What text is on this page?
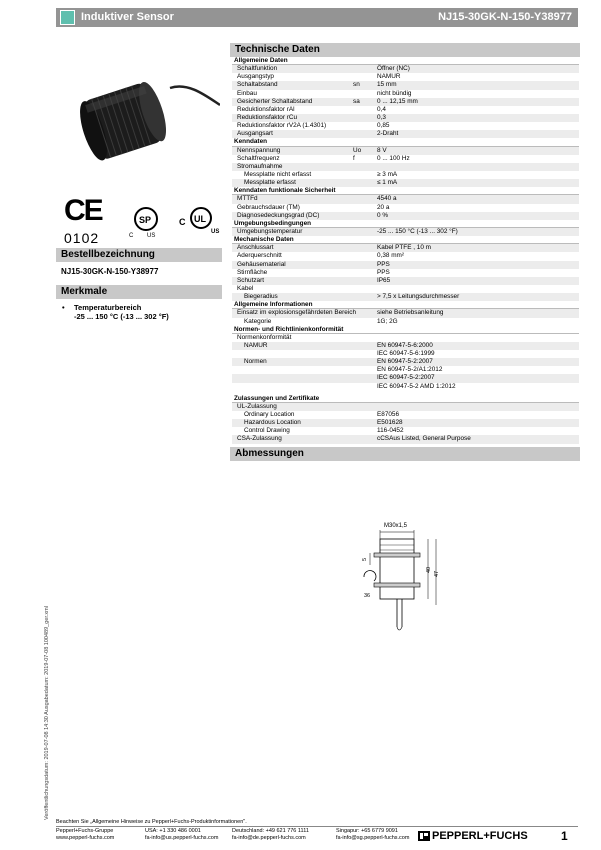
Induktiver Sensor	NJ15-30GK-N-150-Y38977
CE
0102
SP
C US
UL
C
US
Bestellbezeichnung
NJ15-30GK-N-150-Y38977
Merkmale
• Temperaturbereich
-25 ... 150 °C (-13 ... 302 °F)
Technische Daten
Allgemeine Daten
Schaltfunktion	Öffner (NC)
Ausgangstyp	NAMUR
Schaltabstand	sn	15 mm
Einbau	nicht bündig
Gesicherter Schaltabstand	sa	0 ... 12,15 mm
Reduktionsfaktor rAl	0,4
Reduktionsfaktor rCu	0,3
Reduktionsfaktor rV2A (1.4301)	0,85
Ausgangsart	2-Draht
Kenndaten
Nennspannung	Uo 8 V
Schaltfrequenz	f	0 ... 100 Hz
Stromaufnahme
Messplatte nicht erfasst	≥ 3 mA
Messplatte erfasst	≤ 1 mA
Kenndaten funktionale Sicherheit
MTTFd	4540 a
Gebrauchsdauer (TM)	20 a
Diagnosedeckungsgrad (DC)	0 %
Umgebungsbedingungen
Umgebungstemperatur	-25 ... 150 °C (-13 ... 302 °F)
Mechanische Daten
Anschlussart	Kabel PTFE , 10 m
Aderquerschnitt	0,38 mm²
Gehäusematerial	PPS
Stirnfläche	PPS
Schutzart	IP65
Kabel
Biegeradius	> 7,5 x Leitungsdurchmesser
Allgemeine Informationen
Einsatz im explosionsgefährdeten Bereich	siehe Betriebsanleitung
Kategorie	1G; 2G
Normen- und Richtlinienkonformität
Normenkonformität
NAMUR	EN 60947-5-6:2000
IEC 60947-5-6:1999
Normen	EN 60947-5-2:2007
EN 60947-5-2/A1:2012
IEC 60947-5-2:2007
IEC 60947-5-2 AMD 1:2012
Zulassungen und Zertifikate
UL-Zulassung
Ordinary Location	E87056
Hazardous Location	E501628
Control Drawing	116-0452
CSA-Zulassung	cCSAus Listed, General Purpose
Abmessungen
M30x1,5
40
47
5
36
Veröffentlichungsdatum: 2019-07-08 14:30 Ausgabedatum: 2019-07-08 100489_ger.xml
Beachten Sie „Allgemeine Hinweise zu Pepperl+Fuchs-Produktinformationen".
Pepperl+Fuchs-Gruppe
www.pepperl-fuchs.com
USA: +1 330 486 0001
fa-info@us.pepperl-fuchs.com
Deutschland: +49 621 776 1111
fa-info@de.pepperl-fuchs.com
Singapur: +65 6779 9091
fa-info@sg.pepperl-fuchs.com PEPPERL+FUCHS	1
